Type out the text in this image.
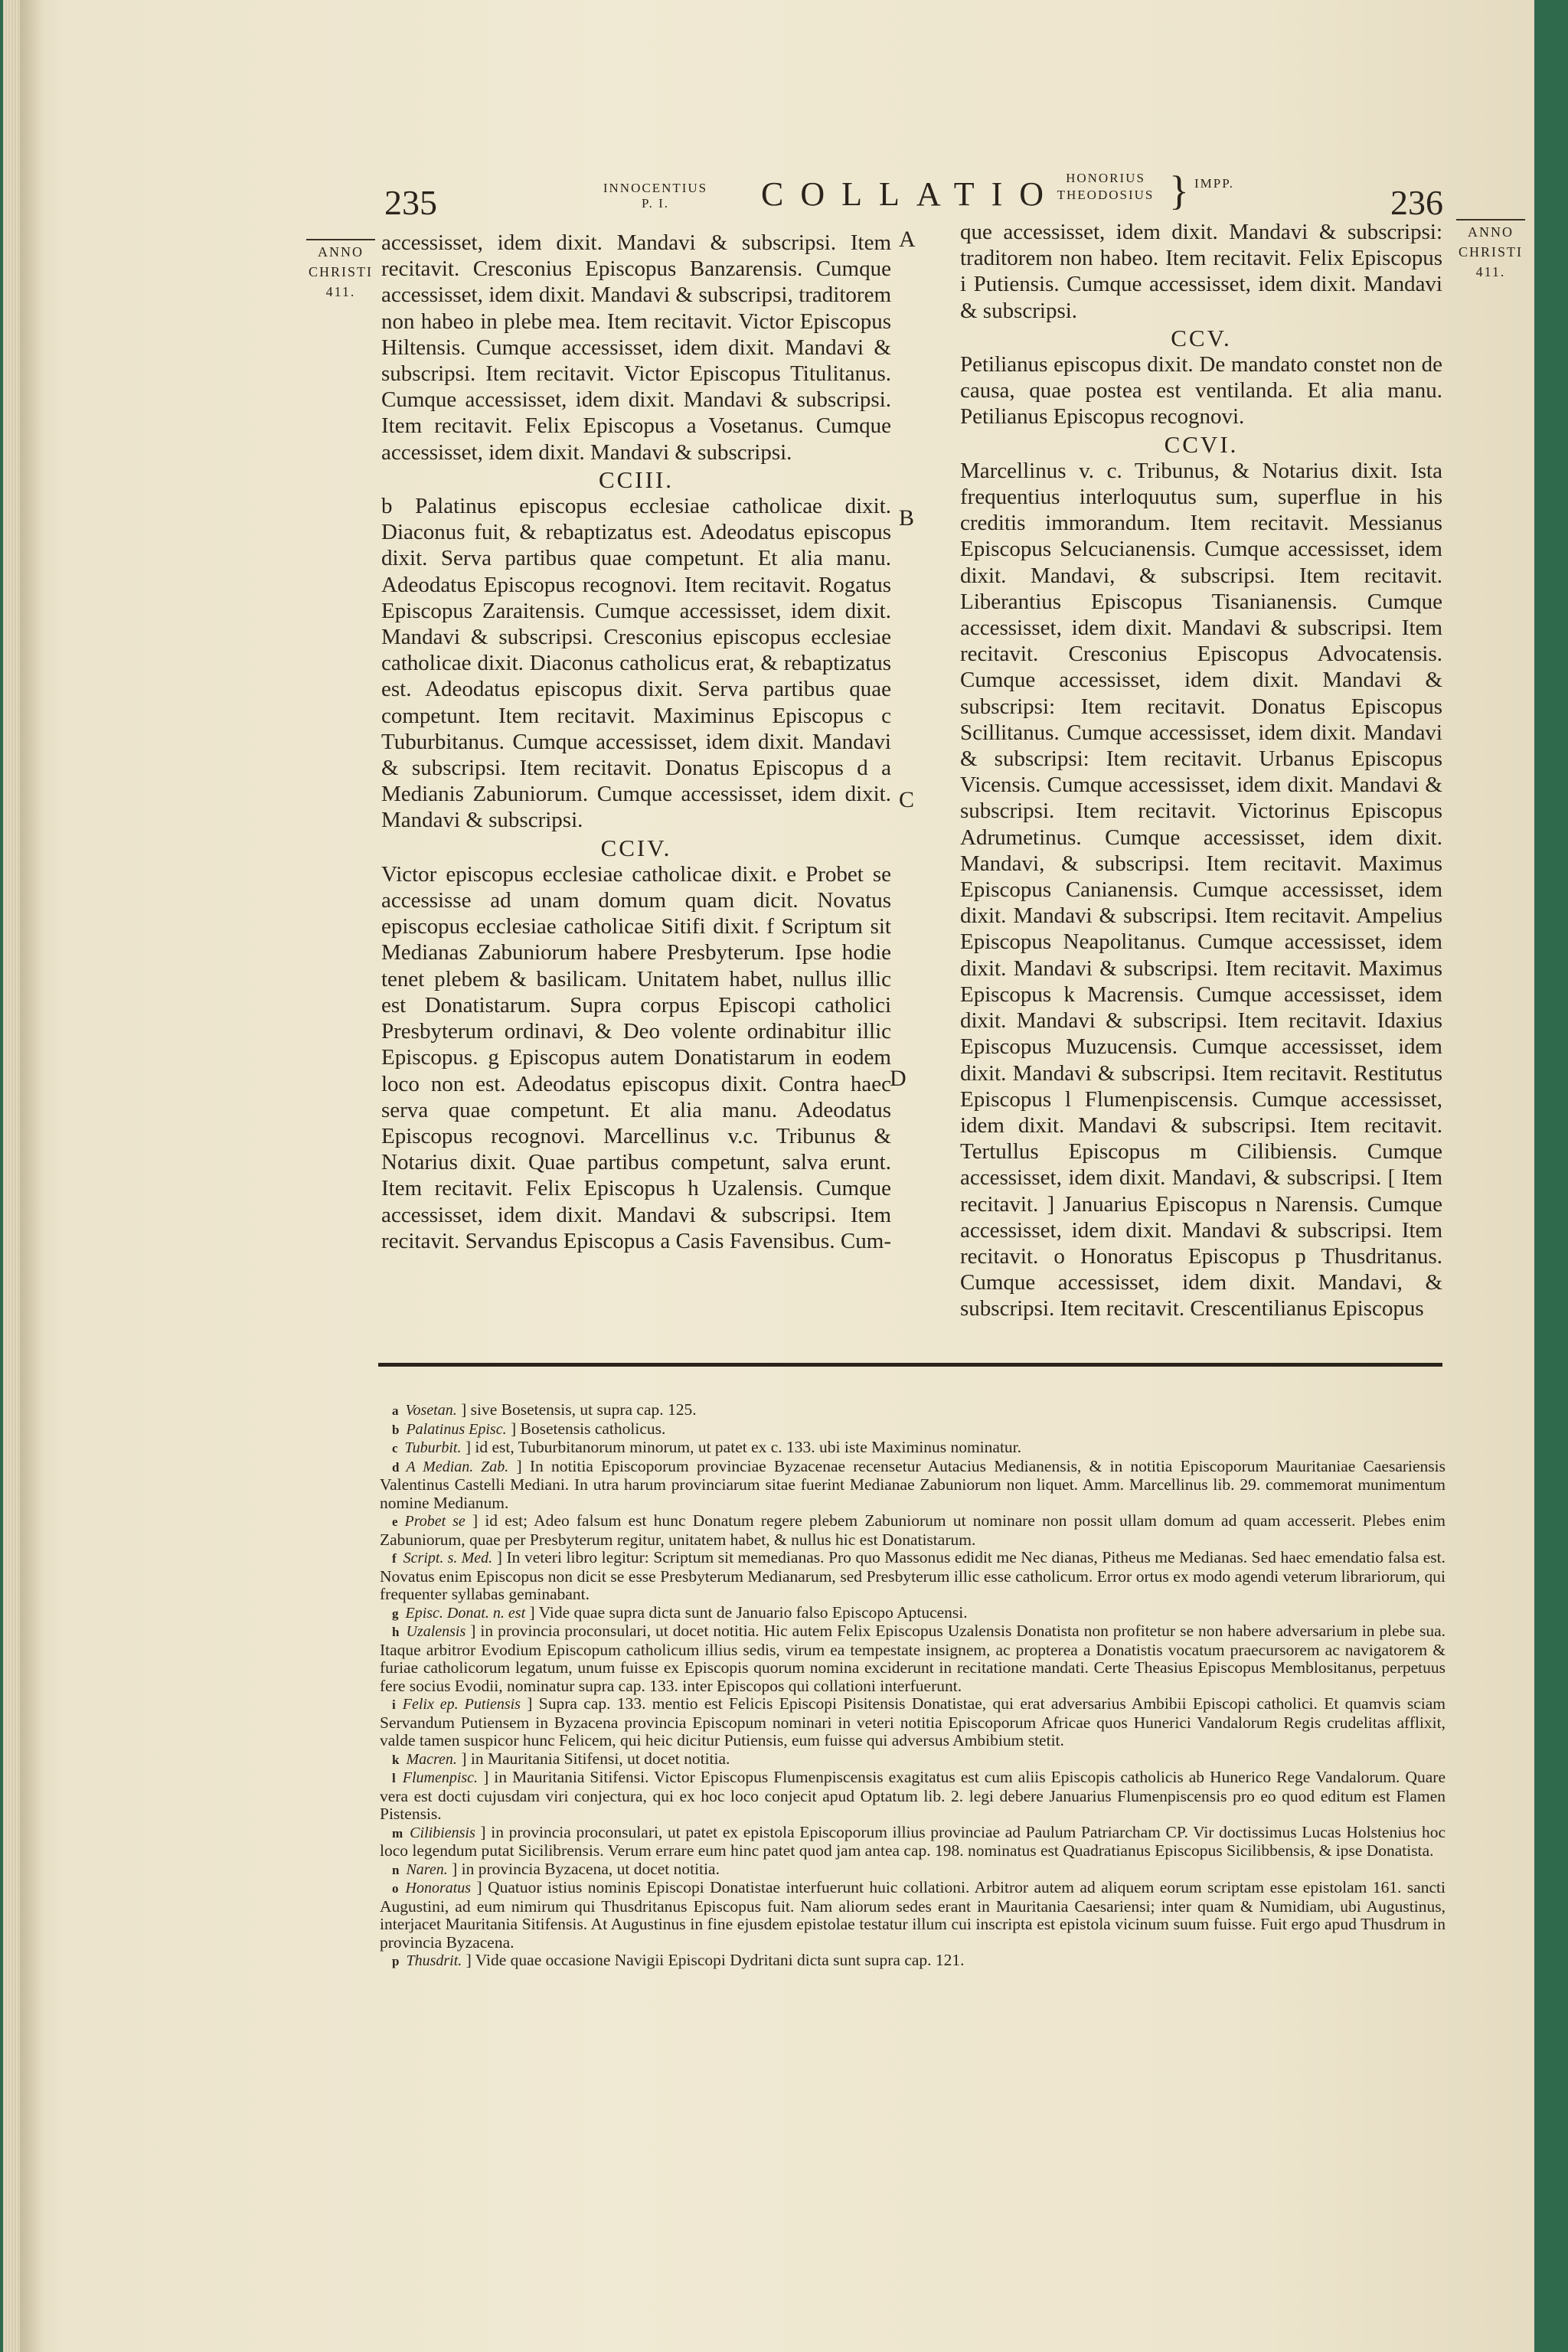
235	INNOCENTIUS
P. I.	COLLATIO HONORIUS
THEODOSIUS } IMPP.	236
ANNO
CHRISTI
411.
ANNO
CHRISTI
411.
A
B
C
D

accessisset, idem dixit. Mandavi & subscripsi. Item recitavit. Cresconius Episcopus Banzarensis. Cumque accessisset, idem dixit. Mandavi & subscripsi, traditorem non habeo in plebe mea. Item recitavit. Victor Episcopus Hiltensis. Cumque accessisset, idem dixit. Mandavi & subscripsi. Item recitavit. Victor Episcopus Titulitanus. Cumque accessisset, idem dixit. Mandavi & subscripsi. Item recitavit. Felix Episcopus a Vosetanus. Cumque accessisset, idem dixit. Mandavi & subscripsi.

CCIII.

b Palatinus episcopus ecclesiae catholicae dixit. Diaconus fuit, & rebaptizatus est. Adeodatus episcopus dixit. Serva partibus quae competunt. Et alia manu. Adeodatus Episcopus recognovi. Item recitavit. Rogatus Episcopus Zaraitensis. Cumque accessisset, idem dixit. Mandavi & subscripsi. Cresconius episcopus ecclesiae catholicae dixit. Diaconus catholicus erat, & rebaptizatus est. Adeodatus episcopus dixit. Serva partibus quae competunt. Item recitavit. Maximinus Episcopus c Tuburbitanus. Cumque accessisset, idem dixit. Mandavi & subscripsi. Item recitavit. Donatus Episcopus d a Medianis Zabuniorum. Cumque accessisset, idem dixit. Mandavi & subscripsi.

CCIV.

Victor episcopus ecclesiae catholicae dixit. e Probet se accessisse ad unam domum quam dicit. Novatus episcopus ecclesiae catholicae Sitifi dixit. f Scriptum sit Medianas Zabuniorum habere Presbyterum. Ipse hodie tenet plebem & basilicam. Unitatem habet, nullus illic est Donatistarum. Supra corpus Episcopi catholici Presbyterum ordinavi, & Deo volente ordinabitur illic Episcopus. g Episcopus autem Donatistarum in eodem loco non est. Adeodatus episcopus dixit. Contra haec serva quae competunt. Et alia manu. Adeodatus Episcopus recognovi. Marcellinus v.c. Tribunus & Notarius dixit. Quae partibus competunt, salva erunt. Item recitavit. Felix Episcopus h Uzalensis. Cumque accessisset, idem dixit. Mandavi & subscripsi. Item recitavit. Servandus Episcopus a Casis Favensibus. Cum-

que accessisset, idem dixit. Mandavi & subscripsi: traditorem non habeo. Item recitavit. Felix Episcopus i Putiensis. Cumque accessisset, idem dixit. Mandavi & subscripsi.

CCV.

Petilianus episcopus dixit. De mandato constet non de causa, quae postea est ventilanda. Et alia manu. Petilianus Episcopus recognovi.

CCVI.

Marcellinus v. c. Tribunus, & Notarius dixit. Ista frequentius interloquutus sum, superflue in his creditis immorandum. Item recitavit. Messianus Episcopus Selcucianensis. Cumque accessisset, idem dixit. Mandavi, & subscripsi. Item recitavit. Liberantius Episcopus Tisanianensis. Cumque accessisset, idem dixit. Mandavi & subscripsi. Item recitavit. Cresconius Episcopus Advocatensis. Cumque accessisset, idem dixit. Mandavi & subscripsi: Item recitavit. Donatus Episcopus Scillitanus. Cumque accessisset, idem dixit. Mandavi & subscripsi: Item recitavit. Urbanus Episcopus Vicensis. Cumque accessisset, idem dixit. Mandavi & subscripsi. Item recitavit. Victorinus Episcopus Adrumetinus. Cumque accessisset, idem dixit. Mandavi, & subscripsi. Item recitavit. Maximus Episcopus Canianensis. Cumque accessisset, idem dixit. Mandavi & subscripsi. Item recitavit. Ampelius Episcopus Neapolitanus. Cumque accessisset, idem dixit. Mandavi & subscripsi. Item recitavit. Maximus Episcopus k Macrensis. Cumque accessisset, idem dixit. Mandavi & subscripsi. Item recitavit. Idaxius Episcopus Muzucensis. Cumque accessisset, idem dixit. Mandavi & subscripsi. Item recitavit. Restitutus Episcopus l Flumenpiscensis. Cumque accessisset, idem dixit. Mandavi & subscripsi. Item recitavit. Tertullus Episcopus m Cilibiensis. Cumque accessisset, idem dixit. Mandavi, & subscripsi. [ Item recitavit. ] Januarius Episcopus n Narensis. Cumque accessisset, idem dixit. Mandavi & subscripsi. Item recitavit. o Honoratus Episcopus p Thusdritanus. Cumque accessisset, idem dixit. Mandavi, & subscripsi. Item recitavit. Crescentilianus Episcopus

a Vosetan. ] sive Bosetensis, ut supra cap. 125.

b Palatinus Episc. ] Bosetensis catholicus.

c Tuburbit. ] id est, Tuburbitanorum minorum, ut patet ex c. 133. ubi iste Maximinus nominatur.

d A Median. Zab. ] In notitia Episcoporum provinciae Byzacenae recensetur Autacius Medianensis, & in notitia Episcoporum Mauritaniae Caesariensis Valentinus Castelli Mediani. In utra harum provinciarum sitae fuerint Medianae Zabuniorum non liquet. Amm. Marcellinus lib. 29. commemorat munimentum nomine Medianum.

e Probet se ] id est; Adeo falsum est hunc Donatum regere plebem Zabuniorum ut nominare non possit ullam domum ad quam accesserit. Plebes enim Zabuniorum, quae per Presbyterum regitur, unitatem habet, & nullus hic est Donatistarum.

f Script. s. Med. ] In veteri libro legitur: Scriptum sit memedianas. Pro quo Massonus edidit me Nec dianas, Pitheus me Medianas. Sed haec emendatio falsa est. Novatus enim Episcopus non dicit se esse Presbyterum Medianarum, sed Presbyterum illic esse catholicum. Error ortus ex modo agendi veterum librariorum, qui frequenter syllabas geminabant.

g Episc. Donat. n. est ] Vide quae supra dicta sunt de Januario falso Episcopo Aptucensi.

h Uzalensis ] in provincia proconsulari, ut docet notitia. Hic autem Felix Episcopus Uzalensis Donatista non profitetur se non habere adversarium in plebe sua. Itaque arbitror Evodium Episcopum catholicum illius sedis, virum ea tempestate insignem, ac propterea a Donatistis vocatum praecursorem ac navigatorem & furiae catholicorum legatum, unum fuisse ex Episcopis quorum nomina exciderunt in recitatione mandati. Certe Theasius Episcopus Memblositanus, perpetuus fere socius Evodii, nominatur supra cap. 133. inter Episcopos qui collationi interfuerunt.

i Felix ep. Putiensis ] Supra cap. 133. mentio est Felicis Episcopi Pisitensis Donatistae, qui erat adversarius Ambibii Episcopi catholici. Et quamvis sciam Servandum Putiensem in Byzacena provincia Episcopum nominari in veteri notitia Episcoporum Africae quos Hunerici Vandalorum Regis crudelitas afflixit, valde tamen suspicor hunc Felicem, qui heic dicitur Putiensis, eum fuisse qui adversus Ambibium stetit.

k Macren. ] in Mauritania Sitifensi, ut docet notitia.

l Flumenpisc. ] in Mauritania Sitifensi. Victor Episcopus Flumenpiscensis exagitatus est cum aliis Episcopis catholicis ab Hunerico Rege Vandalorum. Quare vera est docti cujusdam viri conjectura, qui ex hoc loco conjecit apud Optatum lib. 2. legi debere Januarius Flumenpiscensis pro eo quod editum est Flamen Pistensis.

m Cilibiensis ] in provincia proconsulari, ut patet ex epistola Episcoporum illius provinciae ad Paulum Patriarcham CP. Vir doctissimus Lucas Holstenius hoc loco legendum putat Sicilibrensis. Verum errare eum hinc patet quod jam antea cap. 198. nominatus est Quadratianus Episcopus Sicilibbensis, & ipse Donatista.

n Naren. ] in provincia Byzacena, ut docet notitia.

o Honoratus ] Quatuor istius nominis Episcopi Donatistae interfuerunt huic collationi. Arbitror autem ad aliquem eorum scriptam esse epistolam 161. sancti Augustini, ad eum nimirum qui Thusdritanus Episcopus fuit. Nam aliorum sedes erant in Mauritania Caesariensi; inter quam & Numidiam, ubi Augustinus, interjacet Mauritania Sitifensis. At Augustinus in fine ejusdem epistolae testatur illum cui inscripta est epistola vicinum suum fuisse. Fuit ergo apud Thusdrum in provincia Byzacena.

p Thusdrit. ] Vide quae occasione Navigii Episcopi Dydritani dicta sunt supra cap. 121.
